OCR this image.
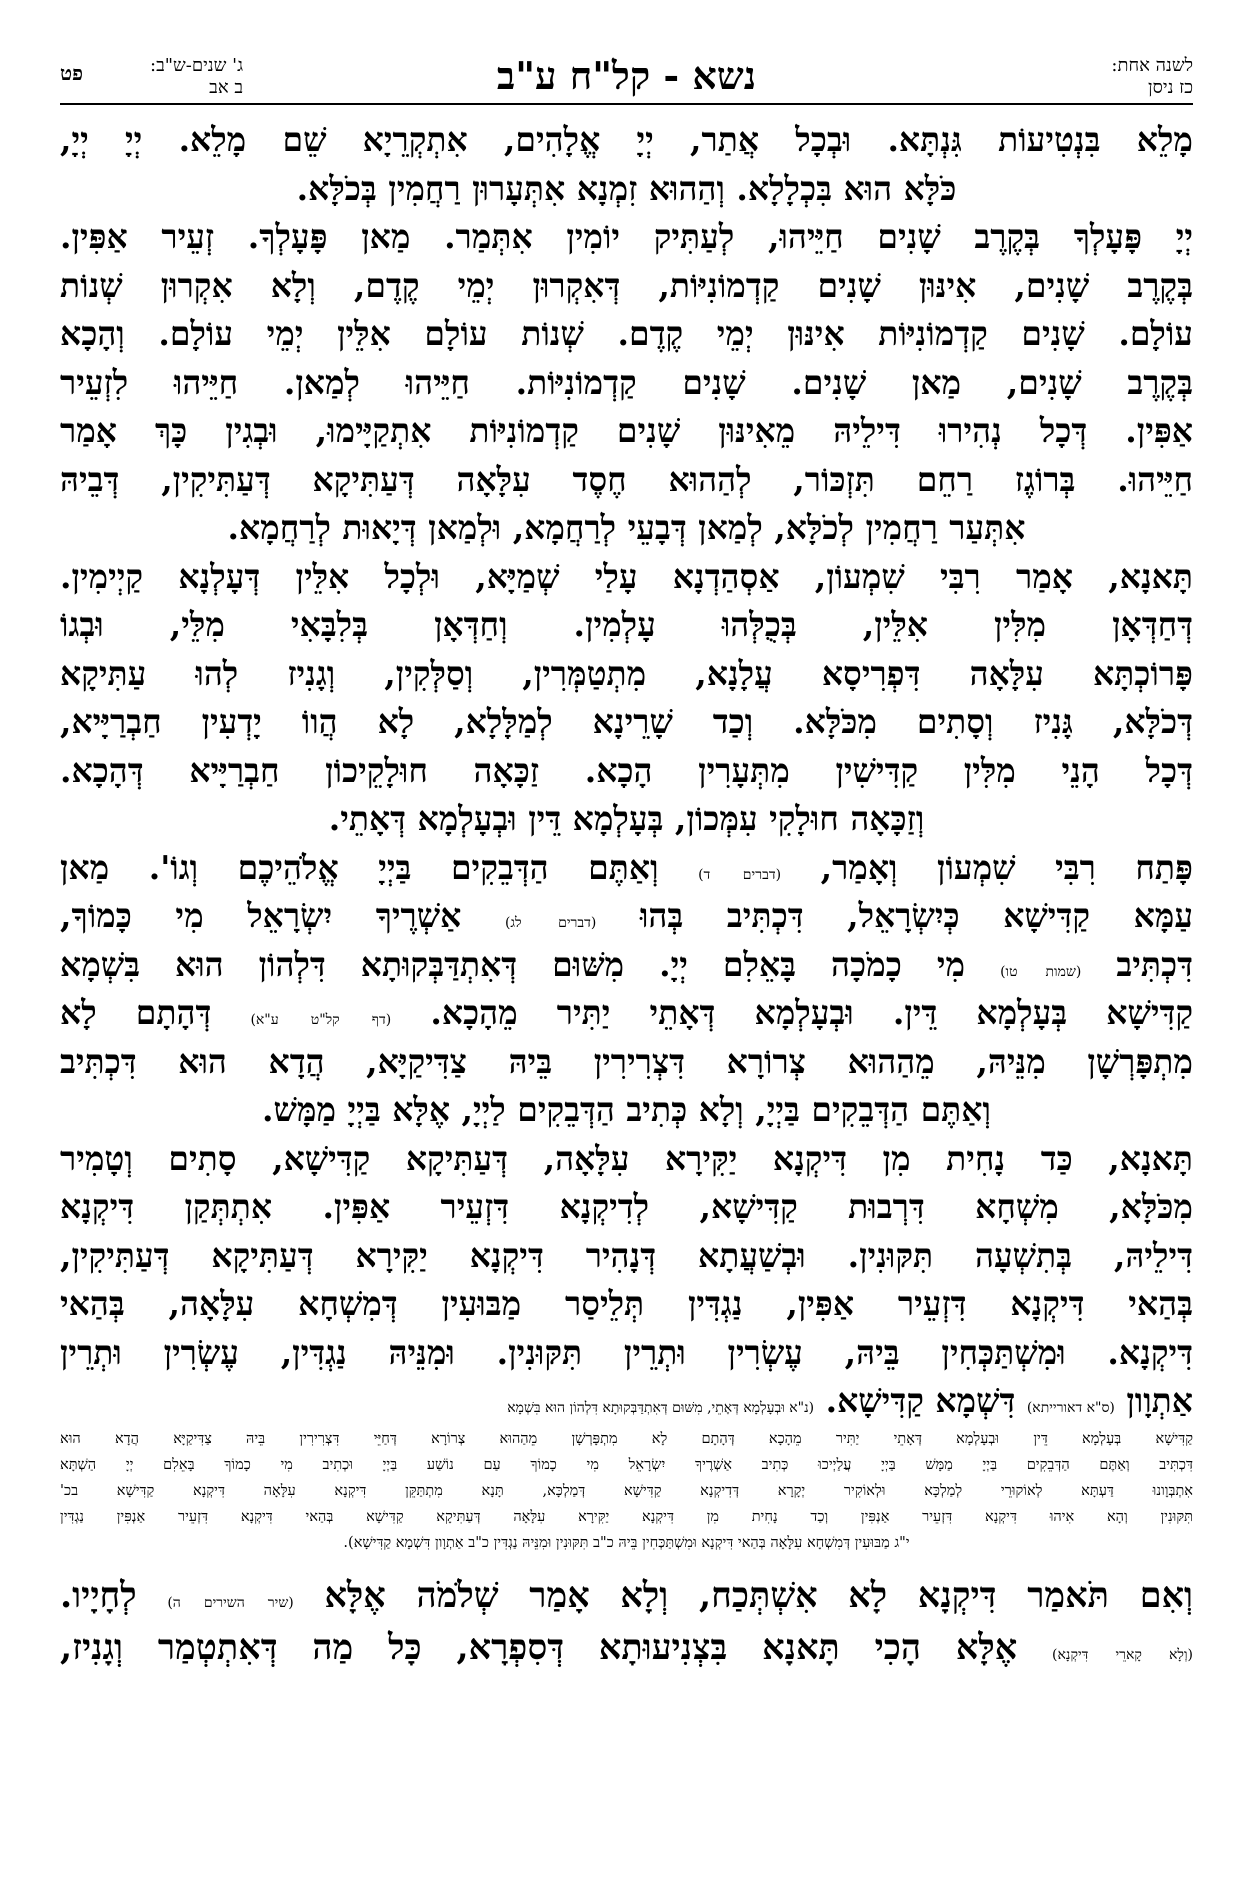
לשנה אחת:
כז ניסן
נשא - קל"ח ע"ב
ג' שנים-ש"ב:
ב אב
פט
מָלֵא בִּנְטִיעוֹת גִּנְתָּא. וּבְכָל אֲתַר, יְיָ אֱלָהִים, אִתְקְרֵיָא שֵׁם מָלֵא. יְיָ יְיָ,
כֹּלָּא הוּא בִּכְלָלָא. וְהַהוּא זִמְנָא אִתְּעָרוּן רַחֲמִין בְּכֹלָּא.
יְיָ פָּעָלְךָ בְּקֶרֶב שָׁנִים חַיֵּיהוּ, לְעַתִּיק יוֹמִין אִתְּמַר. מַאן פָּעָלְךָ. זְעֵיר אַפִּין.
בְּקֶרֶב שָׁנִים, אִינּוּן שָׁנִים קַדְמוֹנִיּוֹת, דְּאִקְרוּן יְמֵי קֶדֶם, וְלָא אִקְרוּן שְׁנוֹת
עוֹלָם. שָׁנִים קַדְמוֹנִיּוֹת אִינּוּן יְמֵי קֶדֶם. שְׁנוֹת עוֹלָם אִלֵּין יְמֵי עוֹלָם. וְהָכָא
בְּקֶרֶב שָׁנִים, מַאן שָׁנִים. שָׁנִים קַדְמוֹנִיּוֹת. חַיֵּיהוּ לְמַאן. חַיֵּיהוּ לִזְעֵיר
אַפִּין. דְּכָל נְהִירוּ דִּילֵיהּ מֵאִינּוּן שָׁנִים קַדְמוֹנִיּוֹת אִתְקַיָּימוּ, וּבְגִין כָּךְ אָמַר
חַיֵּיהוּ. בְּרוֹגֶז רַחֵם תִּזְכּוֹר, לְהַהוּא חֶסֶד עִלָּאָה דְּעַתִּיקָא דְּעַתִּיקִין, דְּבֵיהּ
אִתְּעַר רַחֲמִין לְכֹלָּא, לְמַאן דְּבָעֵי לְרַחֲמָא, וּלְמַאן דְּיָאוּת לְרַחֲמָא.
תָּאנָא, אָמַר רִבִּי שִׁמְעוֹן, אַסְהַדְנָא עָלַי שְׁמַיָּא, וּלְכָל אִלֵּין דְּעָלְנָא קַיְימִין.
דְּחַדְּאָן מִלִּין אִלֵּין, בְּכֻלְּהוּ עָלְמִין. וְחַדְּאָן בְּלִבָּאִי מִלֵּי, וּבְגוֹ
פָּרוֹכְתָּא עִלָּאָה דִּפְרִיסָא עֲלָנָא, מִתְטַמְּרִין, וְסַלְּקִין, וְגָנִיז לְהוּ עַתִּיקָא
דְּכֹלָּא, גָּנִיז וְסָתִים מִכֹּלָּא. וְכַד שָׁרֵינָא לְמַלָּלָא, לָא הֲווֹ יָדְעִין חַבְרַיָּיא,
דְּכָל הָנֵי מִלִּין קַדִּישִׁין מִתְּעָרִין הָכָא. זַכָּאָה חוּלָקֵיכוֹן חַבְרַיָּיא דְּהָכָא.
וְזַכָּאָה חוּלָקִי עִמְּכוֹן, בְּעָלְמָא דֵּין וּבְעָלְמָא דְּאָתֵי.
פָּתַח רִבִּי שִׁמְעוֹן וְאָמַר, (דברים ד) וְאַתֶּם הַדְּבֵקִים בַּיְיָ אֱלֹהֵיכֶם וְגוֹ'. מַאן
עַמָּא קַדִּישָׁא כְּיִשְׂרָאֵל, דִּכְתִּיב בְּהוּ (דברים לג) אַשְׁרֶיךָ יִשְׂרָאֵל מִי כָּמוֹךָ,
דִּכְתִּיב (שמות טו) מִי כָמֹכָה בָּאֵלִם יְיָ. מִשּׁוּם דְּאִתְדַּבְּקוּתָא דִּלְהוֹן הוּא בִּשְׁמָא
קַדִּישָׁא בְּעָלְמָא דֵּין. וּבְעָלְמָא דְּאָתֵי יַתִּיר מֵהָכָא. (דף קל"ט ע"א) דְּהָתָם לָא
מִתְפָּרְשָׁן מִנֵּיהּ, מֵהַהוּא צְרוֹרָא דִּצְרִירִין בֵּיהּ צַדִּיקַיָּא, הֲדָא הוּא דִּכְתִּיב
וְאַתֶּם הַדְּבֵקִים בַּיְיָ, וְלָא כְּתִיב הַדְּבֵקִים לַיְיָ, אֶלָּא בַּיְיָ מַמָּשׁ.
תָּאנָא, כַּד נָחִית מִן דִּיקְנָא יַקִּירָא עִלָּאָה, דְּעַתִּיקָא קַדִּישָׁא, סָתִים וְטָמִיר
מִכֹּלָּא, מִשְׁחָא דִּרְבוּת קַדִּישָׁא, לְדִיקְנָא דִּזְעֵיר אַפִּין. אִתְתְּקַן דִּיקְנָא
דִּילֵיהּ, בְּתִשְׁעָה תִּקּוּנִין. וּבְשַׁעֲתָא דְּנָהִיר דִּיקְנָא יַקִּירָא דְּעַתִּיקָא דְּעַתִּיקִין,
בְּהַאי דִּיקְנָא דִּזְעֵיר אַפִּין, נַגְדִּין תְּלֵיסַר מַבּוּעִין דְּמִשְׁחָא עִלָּאָה, בְּהַאי
דִּיקְנָא. וּמִשְׁתַּכְּחִין בֵּיהּ, עֶשְׂרִין וּתְרֵין תִּקּוּנִין. וּמִנֵּיהּ נַגְדִּין, עֶשְׂרִין וּתְרֵין
אַתְוָון (ס"א דאורייתא) דִּשְׁמָא קַדִּישָׁא. (נ"א וּבְעָלְמָא דְּאָתֵי, מִשּׁוּם דְּאִתְדַּבְּקוּתָא דִּלְהוֹן הוּא בִּשְׁמָא
קַדִּישָׁא בְּעָלְמָא דֵּין וּבְעָלְמָא דְּאָתֵי יַתִּיר מֵהָכָא דְּהָתָם לָא מִתְפָּרְשָׁן מֵהַהוּא צְרוֹרָא דְּחַיֵּי דִּצְרִירִין בֵּיהּ צַדִּיקַיָּא הֲדָא הוּא
דִּכְתִּיב וְאַתֶּם הַדְּבֵקִים בַּיְיָ מַמָּשׁ בַּיְיָ עֲלַיְיכוּ כְּתִיב אַשְׁרֶיךָ יִשְׂרָאֵל מִי כָמוֹךָ עַם נוֹשַׁע בַּיְיָ וּכְתִיב מִי כָמוֹךָ בָּאֵלִם יְיָ הַשְׁתָּא
אִתְבְּוָונוּ דַּעְתָּא לְאוֹקוּרֵי לְמַלְכָּא וּלְאוֹקִיר יְקָרָא דְּדִיקְנָא קַדִּישָׁא דְּמַלְכָּא, תָּנָא מִתְתַּקֵּן דִּיקְנָא עִלָּאָה דִּיקְנָא קַדִּישָׁא בכ'
תִּקּוּנִין וְהָא אִיהוּ דִּיקְנָא דִּזְעֵיר אַנְפִּין וְכַד נָחִית מִן דִּיקְנָא יַקִּירָא עִלָּאָה דְּעַתִּיקָא קַדִּישָׁא בְּהַאי דִּיקְנָא דִּזְעֵיר אַנְפִּין נַגְדִּין
י"ג מַבּוּעִין דְּמִשְׁחָא עִלָּאָה בְּהַאי דִּיקְנָא וּמִשְׁתַּכְּחִין בֵּיהּ כ"ב תִּקּוּנִין וּמִנֵּיהּ נַגְדִּין כ"ב אַתְוָון דִּשְׁמָא קַדִּישָׁא).
וְאִם תֹּאמַר דִּיקְנָא לָא אִשְׁתְּכַח, וְלָא אָמַר שְׁלֹמֹה אֶלָּא (שיר השירים ה) לְחָיָיו.
(וְלָא קָארֵי דִּיקְנָא) אֶלָּא הָכִי תָּאנָא בִּצְנִיעוּתָא דְּסִפְרָא, כָּל מַה דְּאִתְטְמַר וְגָנִיז,
